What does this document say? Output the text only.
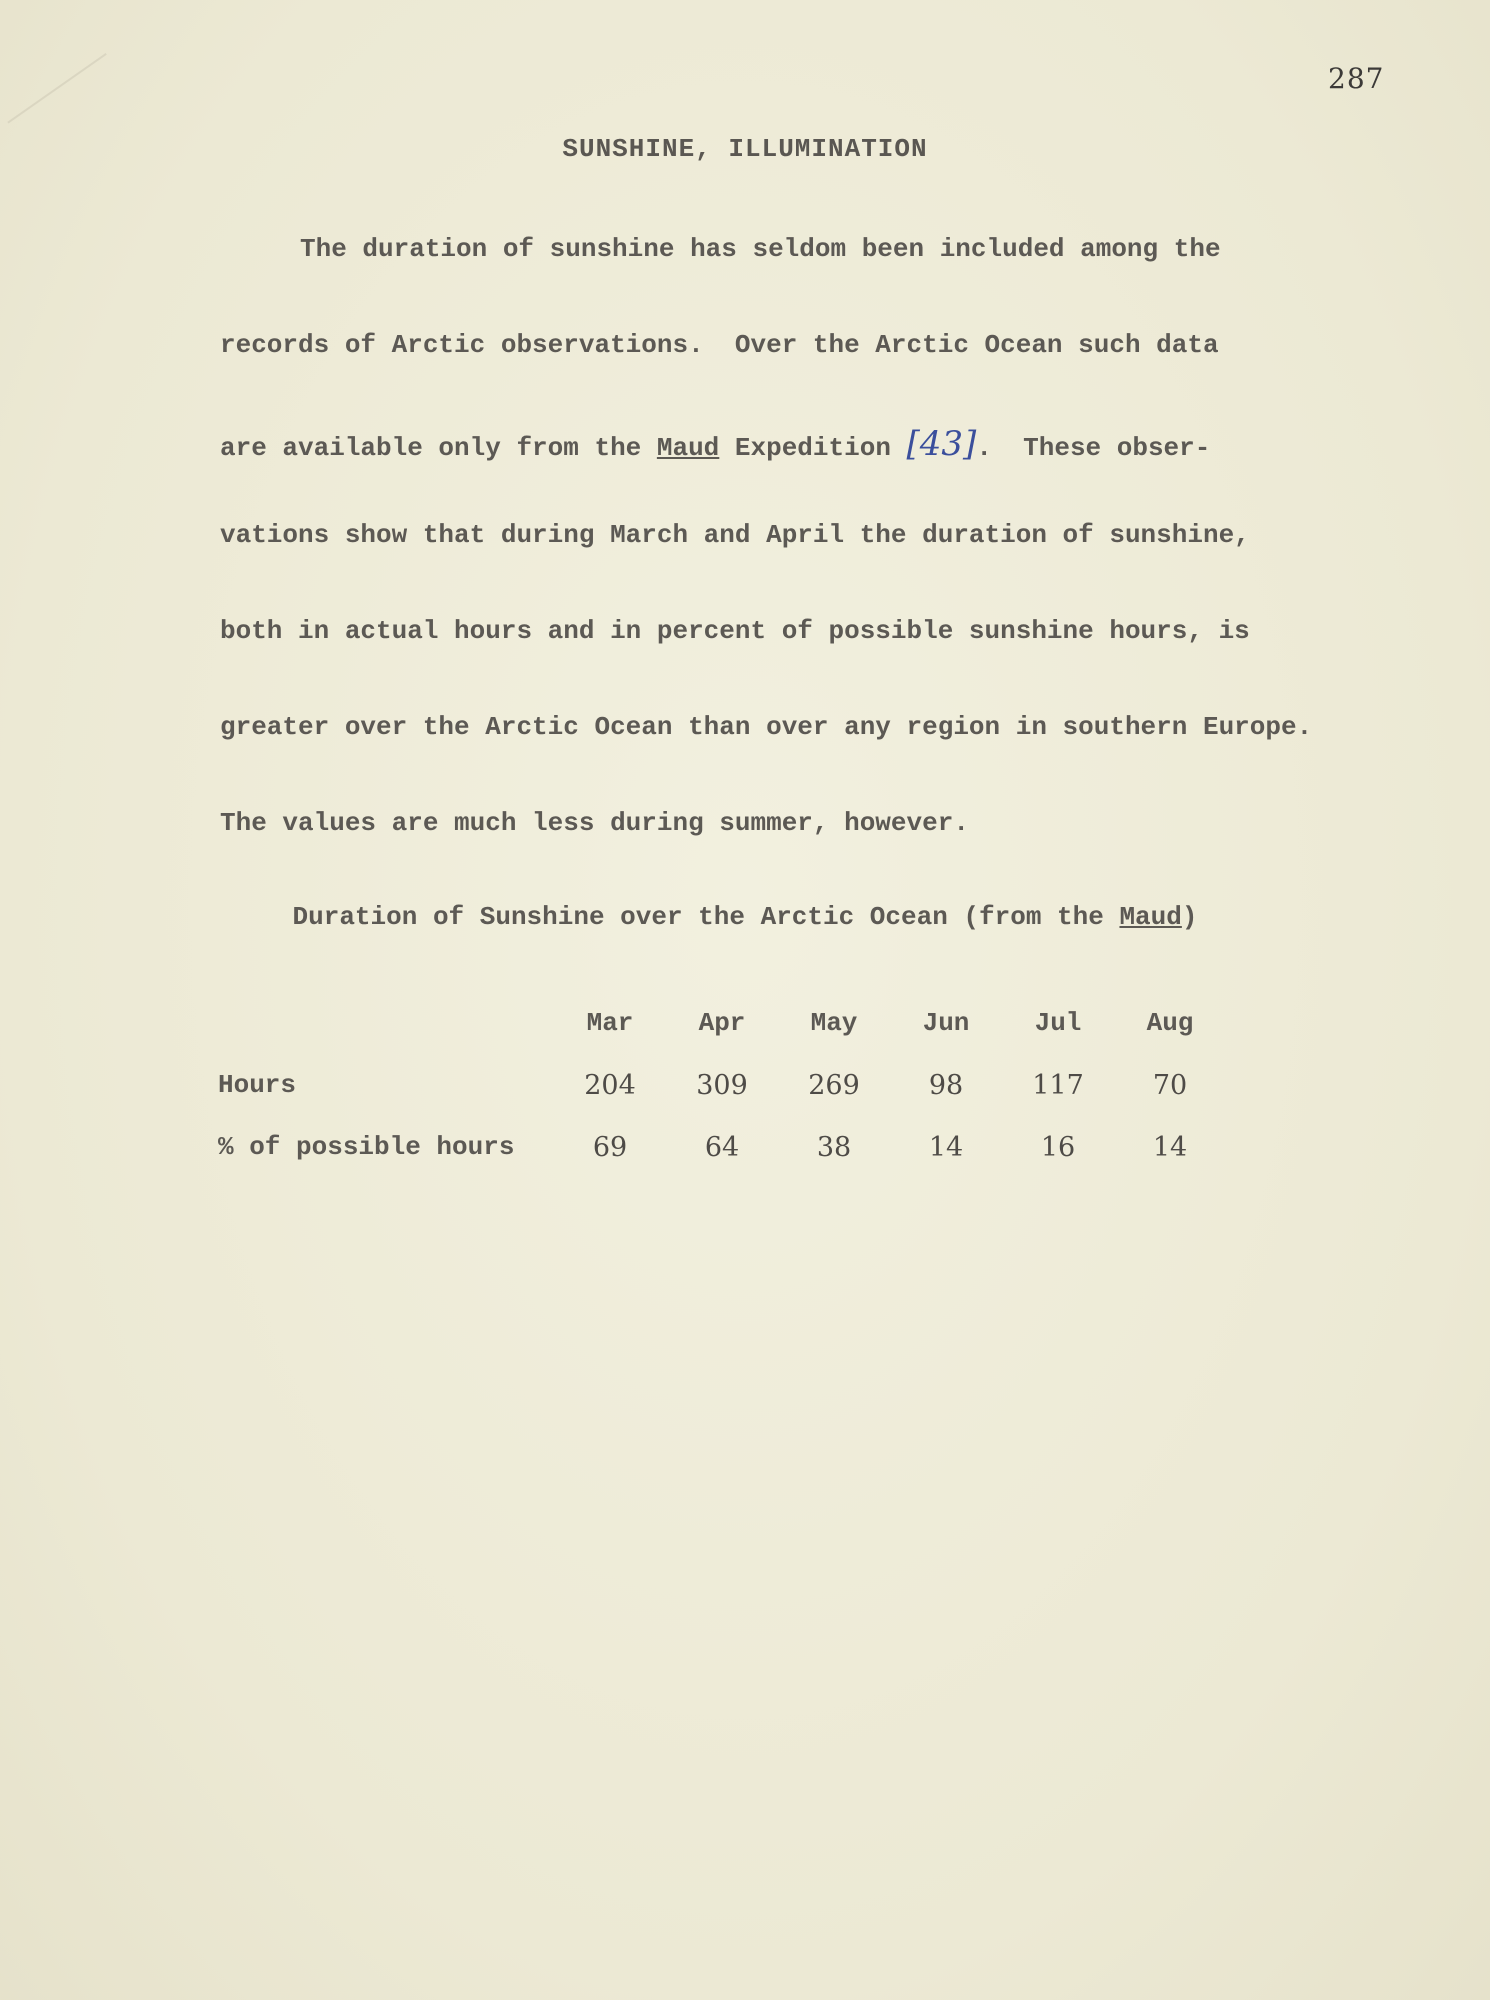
287
SUNSHINE, ILLUMINATION
The duration of sunshine has seldom been included among the
records of Arctic observations.  Over the Arctic Ocean such data
are available only from the Maud Expedition [43].  These obser-
vations show that during March and April the duration of sunshine,
both in actual hours and in percent of possible sunshine hours, is
greater over the Arctic Ocean than over any region in southern Europe.
The values are much less during summer, however.
Duration of Sunshine over the Arctic Ocean (from the Maud)
	Mar	Apr	May	Jun	Jul	Aug
Hours	204	309	269	98	117	70
% of possible hours	69	64	38	14	16	14
